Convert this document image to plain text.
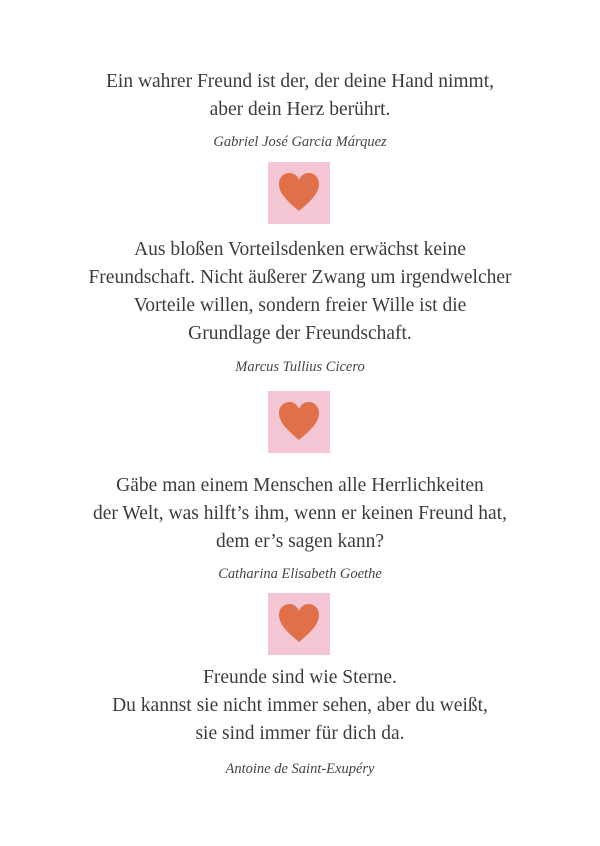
Ein wahrer Freund ist der, der deine Hand nimmt,
aber dein Herz berührt.
Gabriel José Garcia Márquez
Aus bloßen Vorteilsdenken erwächst keine
Freundschaft. Nicht äußerer Zwang um irgendwelcher
Vorteile willen, sondern freier Wille ist die
Grundlage der Freundschaft.
Marcus Tullius Cicero
Gäbe man einem Menschen alle Herrlichkeiten
der Welt, was hilft’s ihm, wenn er keinen Freund hat,
dem er’s sagen kann?
Catharina Elisabeth Goethe
Freunde sind wie Sterne.
Du kannst sie nicht immer sehen, aber du weißt,
sie sind immer für dich da.
Antoine de Saint-Exupéry
